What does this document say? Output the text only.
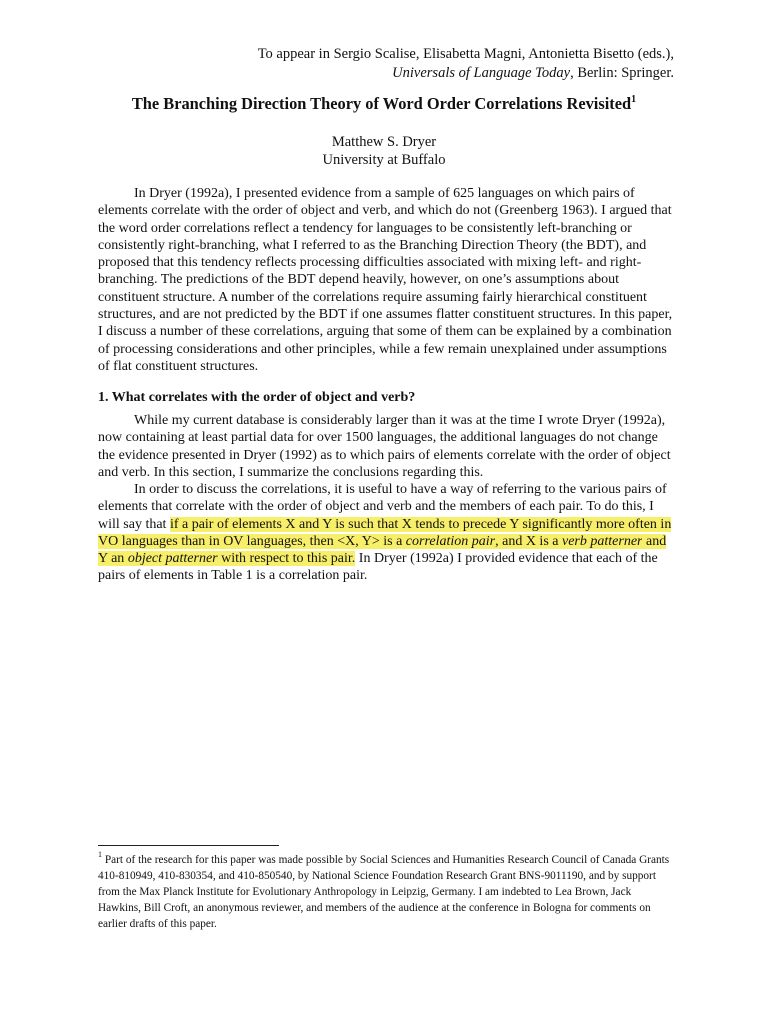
To appear in Sergio Scalise, Elisabetta Magni, Antonietta Bisetto (eds.),
Universals of Language Today, Berlin: Springer.
The Branching Direction Theory of Word Order Correlations Revisited$^1$
Matthew S. Dryer
University at Buffalo

In Dryer (1992a), I presented evidence from a sample of 625 languages on which pairs of elements correlate with the order of object and verb, and which do not (Greenberg 1963). I argued that the word order correlations reflect a tendency for languages to be consistently left-branching or consistently right-branching, what I referred to as the Branching Direction Theory (the BDT), and proposed that this tendency reflects processing difficulties associated with mixing left- and right-branching. The predictions of the BDT depend heavily, however, on one’s assumptions about constituent structure. A number of the correlations require assuming fairly hierarchical constituent structures, and are not predicted by the BDT if one assumes flatter constituent structures. In this paper, I discuss a number of these correlations, arguing that some of them can be explained by a combination of processing considerations and other principles, while a few remain unexplained under assumptions of flat constituent structures.

1. What correlates with the order of object and verb?

While my current database is considerably larger than it was at the time I wrote Dryer (1992a), now containing at least partial data for over 1500 languages, the additional languages do not change the evidence presented in Dryer (1992) as to which pairs of elements correlate with the order of object and verb. In this section, I summarize the conclusions regarding this.

In order to discuss the correlations, it is useful to have a way of referring to the various pairs of elements that correlate with the order of object and verb and the members of each pair. To do this, I will say that if a pair of elements X and Y is such that X tends to precede Y significantly more often in VO languages than in OV languages, then <X, Y> is a correlation pair, and X is a verb patterner and Y an object patterner with respect to this pair. In Dryer (1992a) I provided evidence that each of the pairs of elements in Table 1 is a correlation pair.

$^1$ Part of the research for this paper was made possible by Social Sciences and Humanities Research Council of Canada Grants 410-810949, 410-830354, and 410-850540, by National Science Foundation Research Grant BNS-9011190, and by support from the Max Planck Institute for Evolutionary Anthropology in Leipzig, Germany. I am indebted to Lea Brown, Jack Hawkins, Bill Croft, an anonymous reviewer, and members of the audience at the conference in Bologna for comments on earlier drafts of this paper.
